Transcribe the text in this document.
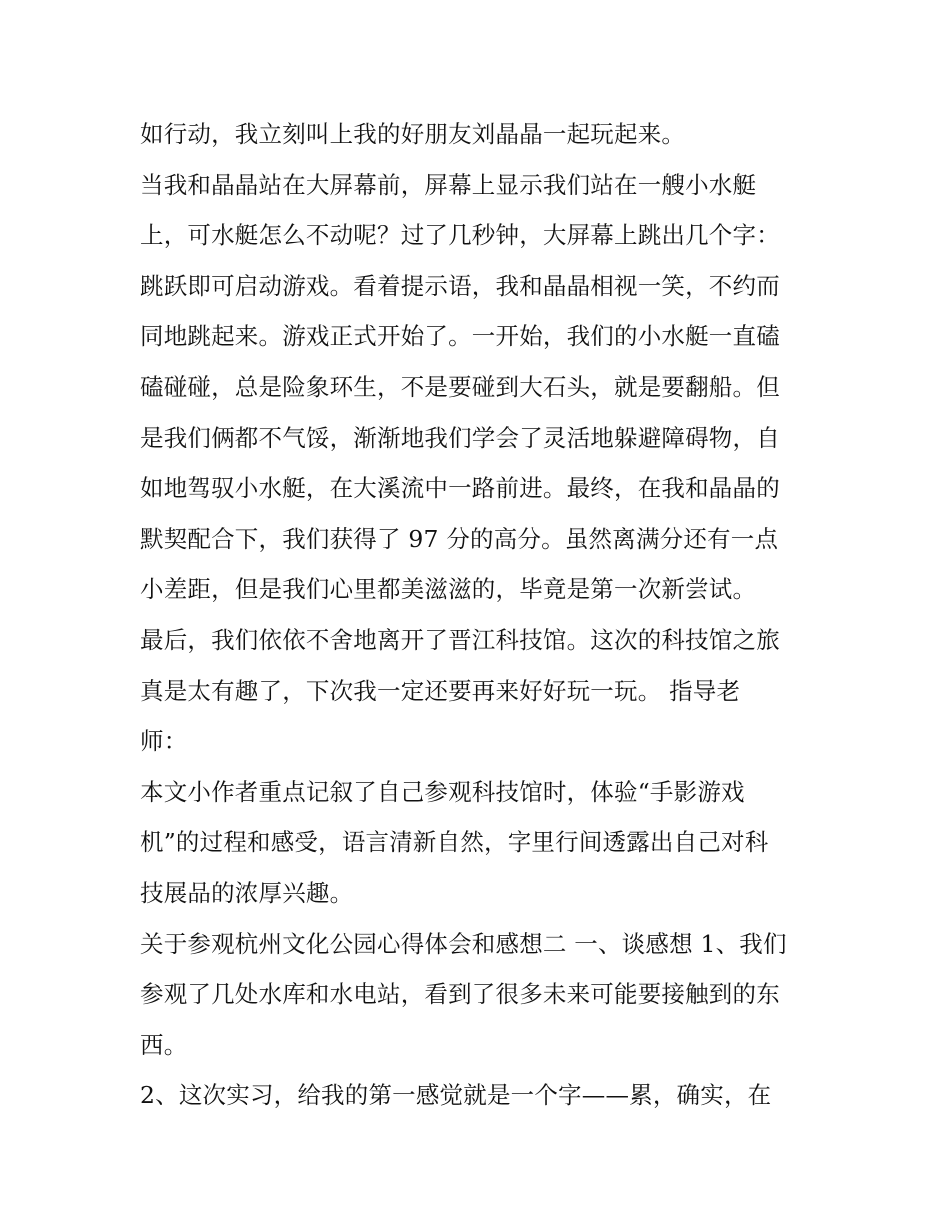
如行动，我立刻叫上我的好朋友刘晶晶一起玩起来。
当我和晶晶站在大屏幕前，屏幕上显示我们站在一艘小水艇
上，可水艇怎么不动呢？过了几秒钟，大屏幕上跳出几个字：
跳跃即可启动游戏。看着提示语，我和晶晶相视一笑，不约而
同地跳起来。游戏正式开始了。一开始，我们的小水艇一直磕
磕碰碰，总是险象环生，不是要碰到大石头，就是要翻船。但
是我们俩都不气馁，渐渐地我们学会了灵活地躲避障碍物，自
如地驾驭小水艇，在大溪流中一路前进。最终，在我和晶晶的
默契配合下，我们获得了 97 分的高分。虽然离满分还有一点
小差距，但是我们心里都美滋滋的，毕竟是第一次新尝试。
最后，我们依依不舍地离开了晋江科技馆。这次的科技馆之旅
真是太有趣了，下次我一定还要再来好好玩一玩。 指导老
师：
本文小作者重点记叙了自己参观科技馆时，体验“手影游戏
机”的过程和感受，语言清新自然，字里行间透露出自己对科
技展品的浓厚兴趣。
关于参观杭州文化公园心得体会和感想二 一、谈感想 1、我们
参观了几处水库和水电站，看到了很多未来可能要接触到的东
西。
2、这次实习，给我的第一感觉就是一个字——累，确实，在
